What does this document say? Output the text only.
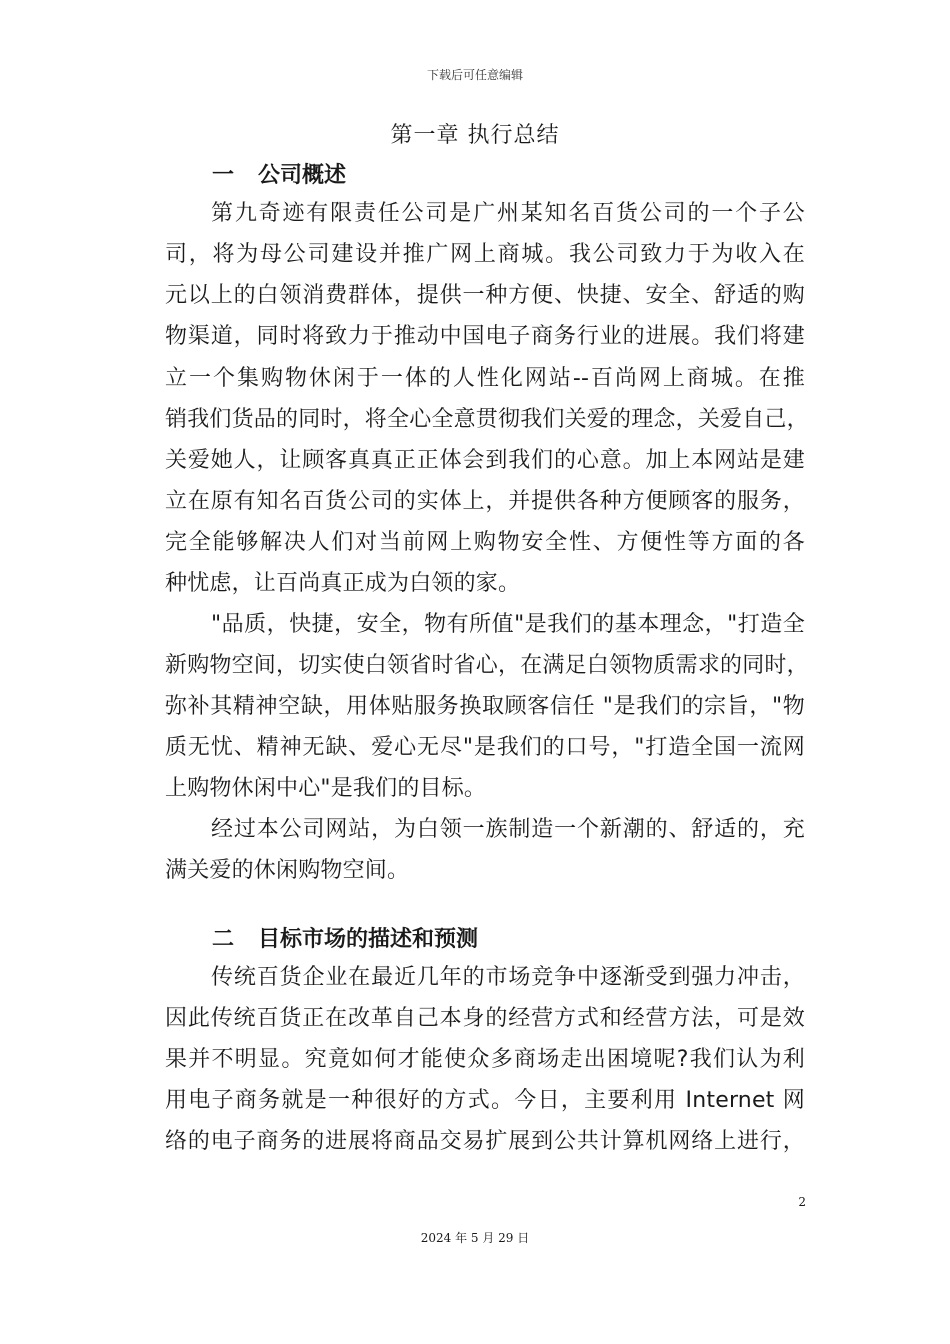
下载后可任意编辑
第一章 执行总结
一 公司概述
第九奇迹有限责任公司是广州某知名百货公司的一个子公
司，将为母公司建设并推广网上商城。我公司致力于为收入在
元以上的白领消费群体，提供一种方便、快捷、安全、舒适的购
物渠道，同时将致力于推动中国电子商务行业的进展。我们将建
立一个集购物休闲于一体的人性化网站--百尚网上商城。在推
销我们货品的同时，将全心全意贯彻我们关爱的理念，关爱自己，
关爱她人，让顾客真真正正体会到我们的心意。加上本网站是建
立在原有知名百货公司的实体上，并提供各种方便顾客的服务，
完全能够解决人们对当前网上购物安全性、方便性等方面的各
种忧虑，让百尚真正成为白领的家。
"品质，快捷，安全，物有所值"是我们的基本理念，"打造全
新购物空间，切实使白领省时省心，在满足白领物质需求的同时，
弥补其精神空缺，用体贴服务换取顾客信任 "是我们的宗旨，"物
质无忧、精神无缺、爱心无尽"是我们的口号，"打造全国一流网
上购物休闲中心"是我们的目标。
经过本公司网站，为白领一族制造一个新潮的、舒适的，充
满关爱的休闲购物空间。
二 目标市场的描述和预测
传统百货企业在最近几年的市场竞争中逐渐受到强力冲击，
因此传统百货正在改革自己本身的经营方式和经营方法，可是效
果并不明显。究竟如何才能使众多商场走出困境呢?我们认为利
用电子商务就是一种很好的方式。今日，主要利用 Internet 网
络的电子商务的进展将商品交易扩展到公共计算机网络上进行，
2
2024 年 5 月 29 日
